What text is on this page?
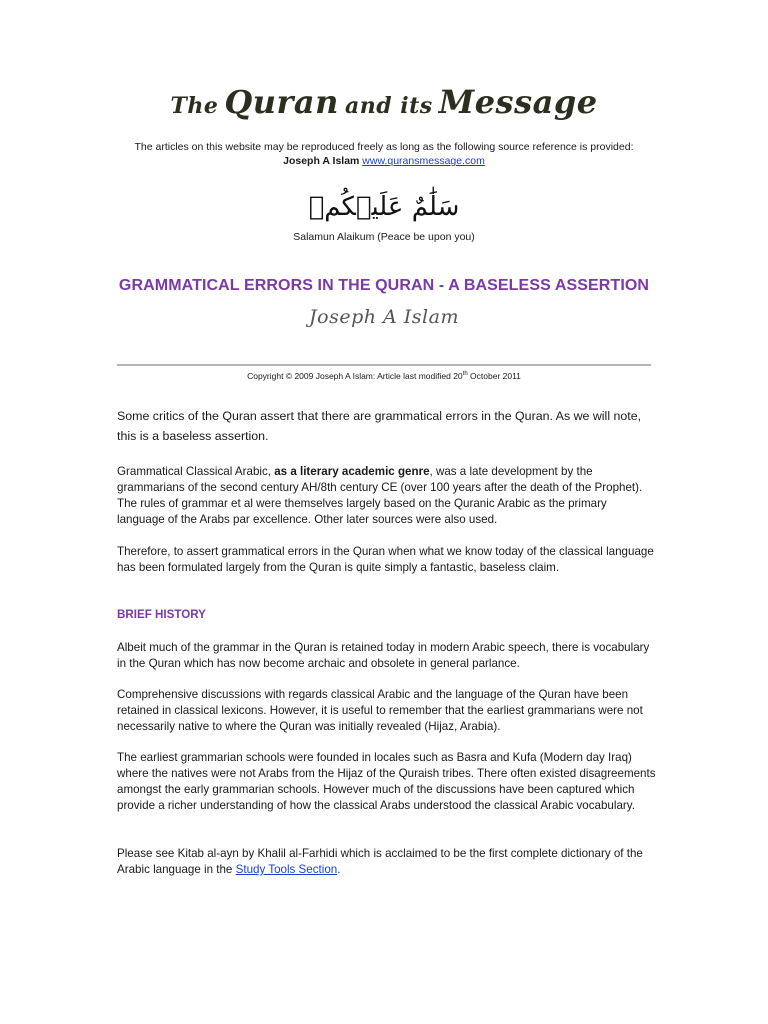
The Quran and its Message
The articles on this website may be reproduced freely as long as the following source reference is provided:
Joseph A Islam www.quransmessage.com
سَلَٰمٌ عَلَيۡكُمۡ
Salamun Alaikum (Peace be upon you)
GRAMMATICAL ERRORS IN THE QURAN - A BASELESS ASSERTION
Joseph A Islam
Copyright © 2009 Joseph A Islam: Article last modified 20th October 2011
Some critics of the Quran assert that there are grammatical errors in the Quran. As we will note, this is a baseless assertion.
Grammatical Classical Arabic, as a literary academic genre, was a late development by the grammarians of the second century AH/8th century CE (over 100 years after the death of the Prophet). The rules of grammar et al were themselves largely based on the Quranic Arabic as the primary language of the Arabs par excellence. Other later sources were also used.
Therefore, to assert grammatical errors in the Quran when what we know today of the classical language has been formulated largely from the Quran is quite simply a fantastic, baseless claim.
BRIEF HISTORY
Albeit much of the grammar in the Quran is retained today in modern Arabic speech, there is vocabulary in the Quran which has now become archaic and obsolete in general parlance.
Comprehensive discussions with regards classical Arabic and the language of the Quran have been retained in classical lexicons. However, it is useful to remember that the earliest grammarians were not necessarily native to where the Quran was initially revealed (Hijaz, Arabia).
The earliest grammarian schools were founded in locales such as Basra and Kufa (Modern day Iraq) where the natives were not Arabs from the Hijaz of the Quraish tribes. There often existed disagreements amongst the early grammarian schools. However much of the discussions have been captured which provide a richer understanding of how the classical Arabs understood the classical Arabic vocabulary.
Please see Kitab al-ayn by Khalil al-Farhidi which is acclaimed to be the first complete dictionary of the Arabic language in the Study Tools Section.
